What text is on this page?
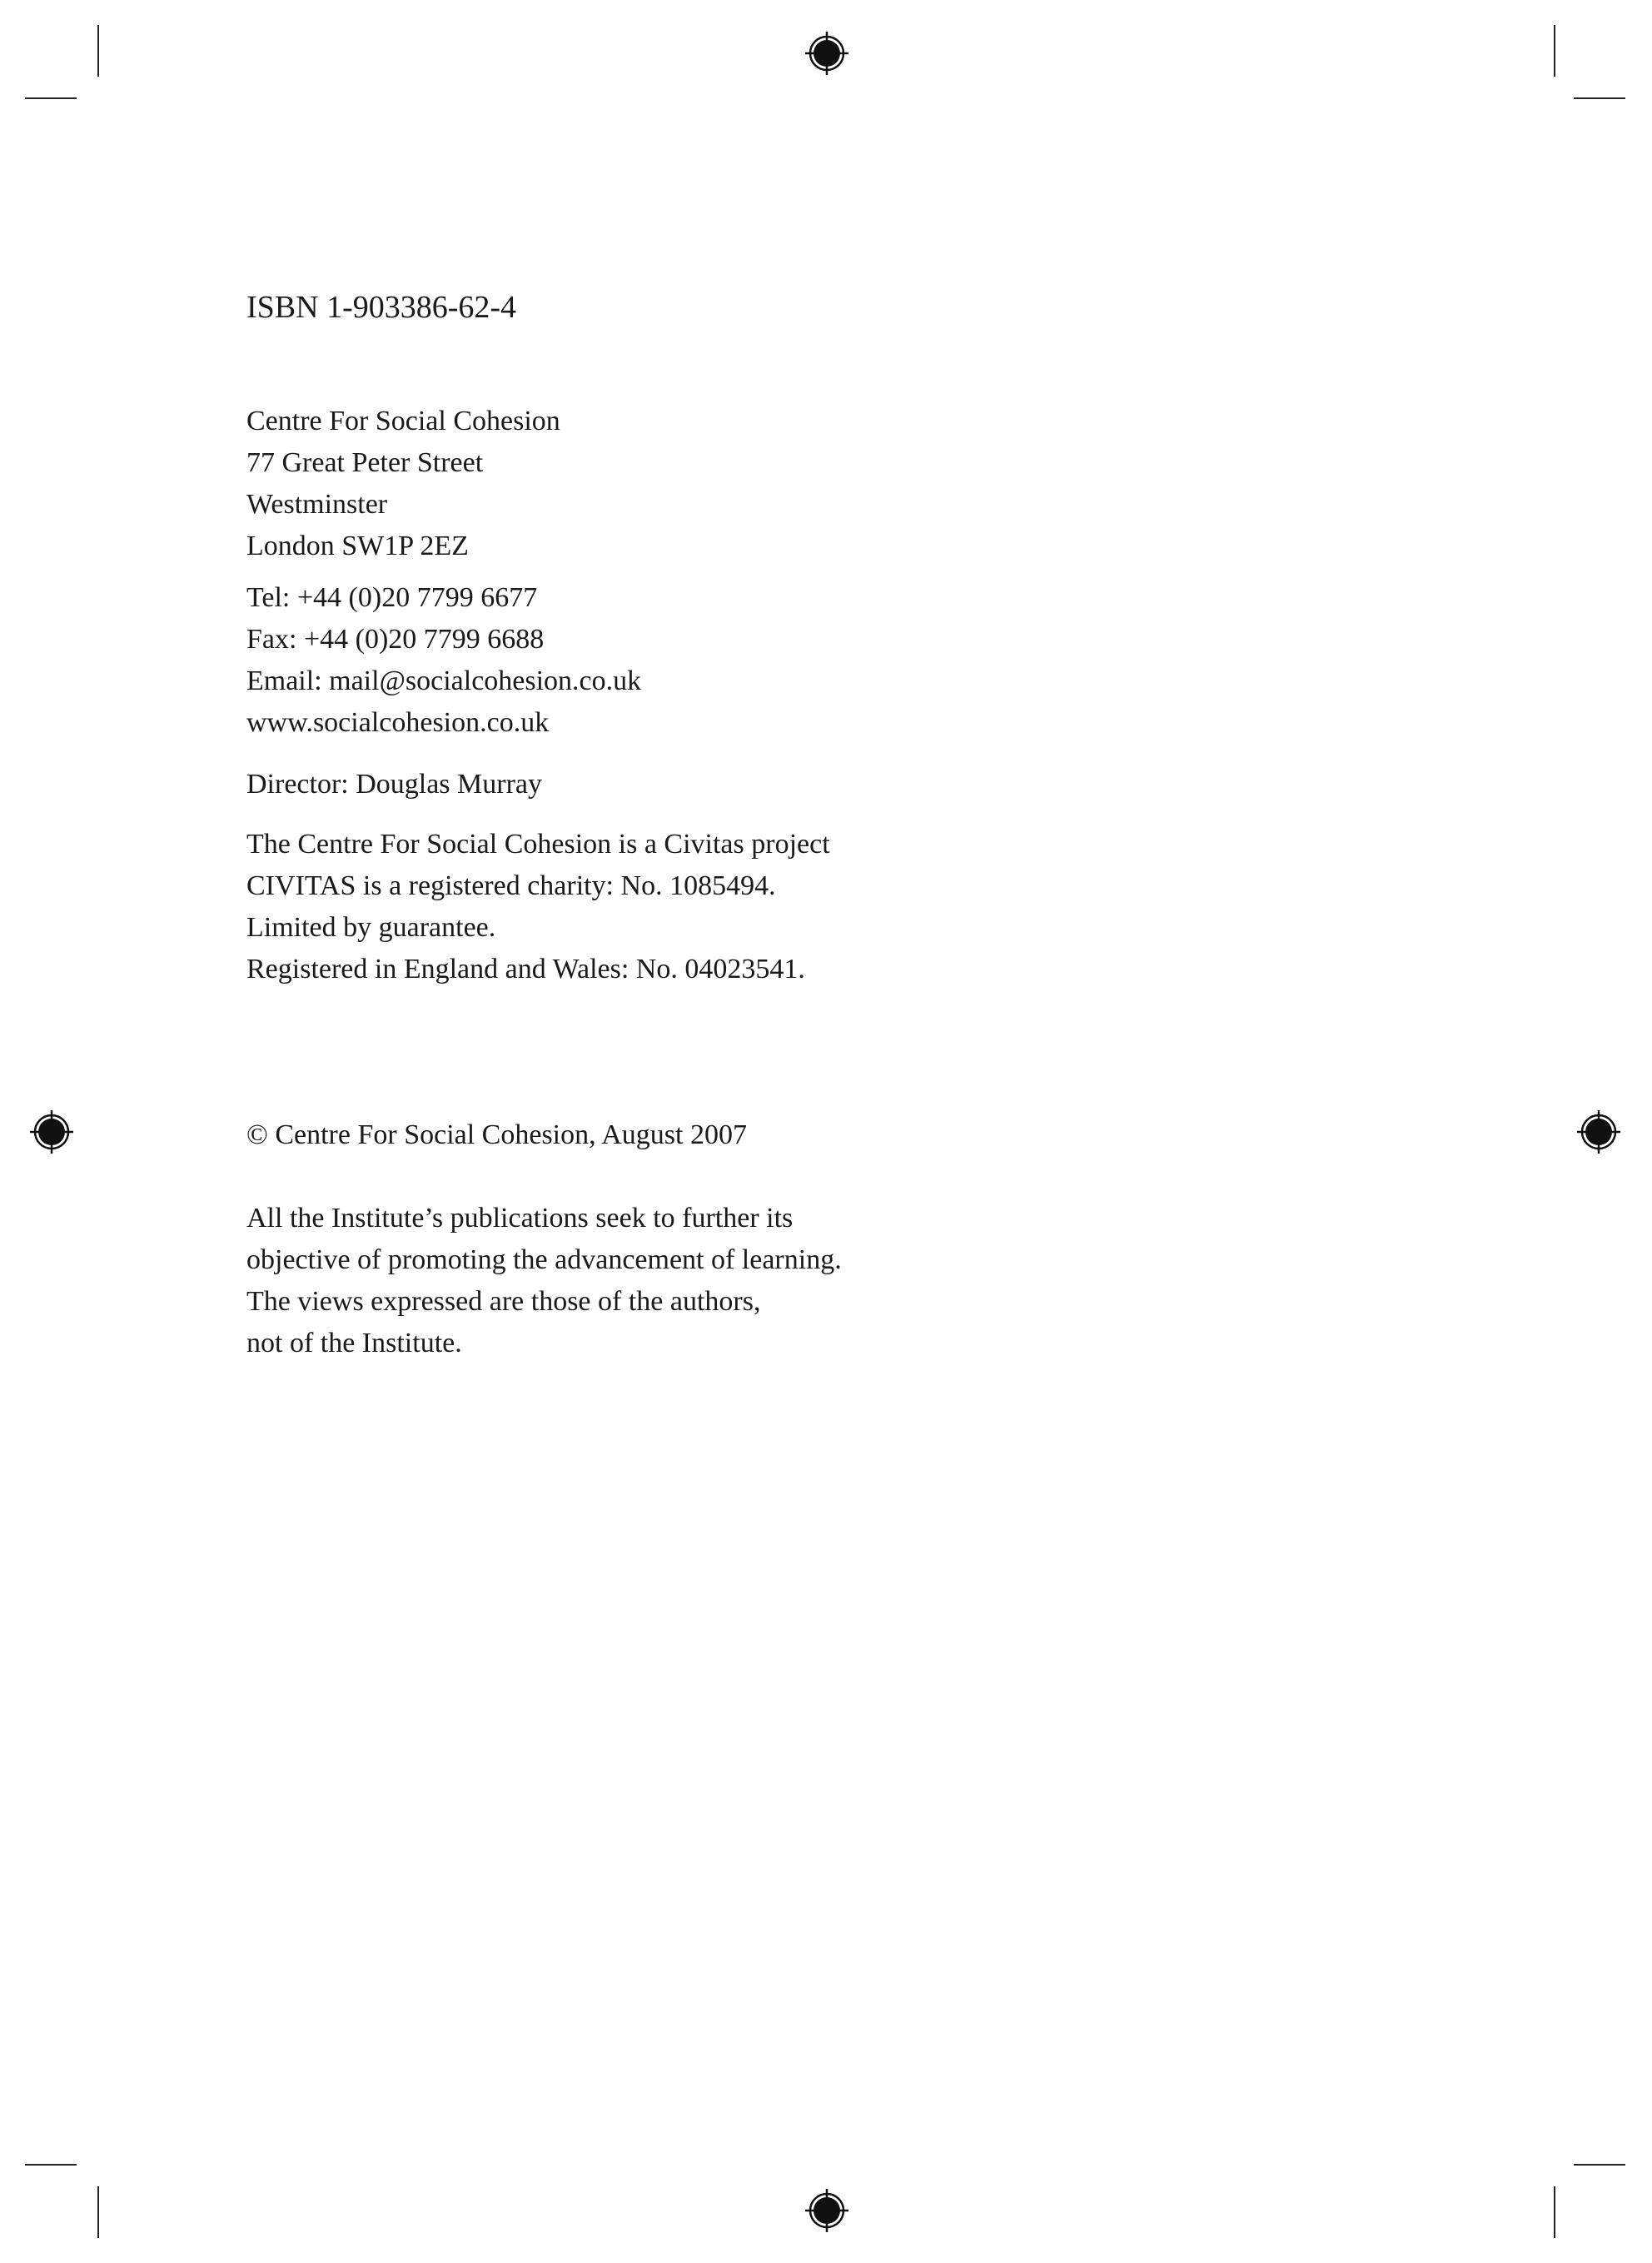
ISBN 1-903386-62-4
Centre For Social Cohesion
77 Great Peter Street
Westminster
London SW1P 2EZ
Tel: +44 (0)20 7799 6677
Fax: +44 (0)20 7799 6688
Email: mail@socialcohesion.co.uk
www.socialcohesion.co.uk
Director: Douglas Murray
The Centre For Social Cohesion is a Civitas project
CIVITAS is a registered charity: No. 1085494.
Limited by guarantee.
Registered in England and Wales: No. 04023541.
© Centre For Social Cohesion, August 2007
All the Institute’s publications seek to further its
objective of promoting the advancement of learning.
The views expressed are those of the authors,
not of the Institute.
